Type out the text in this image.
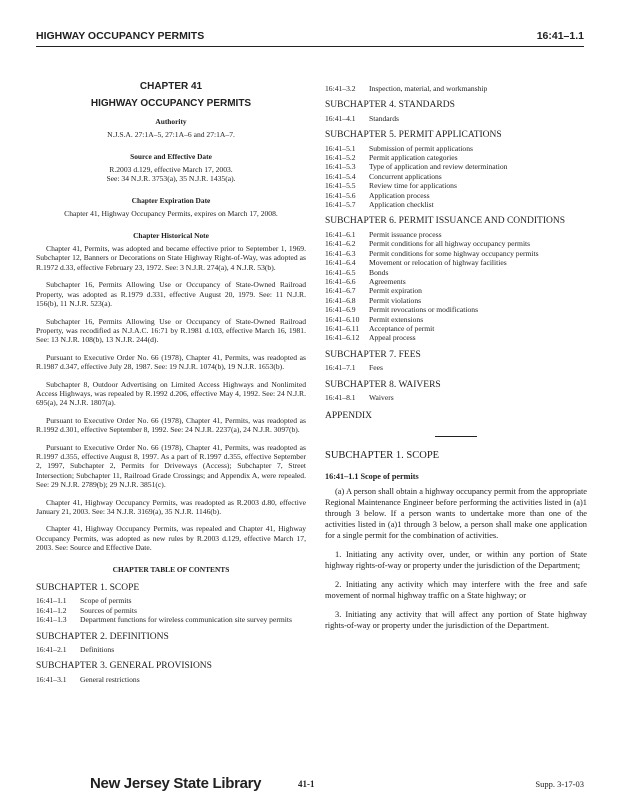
HIGHWAY OCCUPANCY PERMITS	16:41–1.1
CHAPTER 41
HIGHWAY OCCUPANCY PERMITS
Authority
N.J.S.A. 27:1A–5, 27:1A–6 and 27:1A–7.
Source and Effective Date
R.2003 d.129, effective March 17, 2003.
See: 34 N.J.R. 3753(a), 35 N.J.R. 1435(a).
Chapter Expiration Date
Chapter 41, Highway Occupancy Permits, expires on March 17, 2008.
Chapter Historical Note

Chapter 41, Permits, was adopted and became effective prior to September 1, 1969. Subchapter 12, Banners or Decorations on State Highway Right-of-Way, was adopted as R.1972 d.33, effective February 23, 1972. See: 3 N.J.R. 274(a), 4 N.J.R. 53(b).

Subchapter 16, Permits Allowing Use or Occupancy of State-Owned Railroad Property, was adopted as R.1979 d.331, effective August 20, 1979. See: 11 N.J.R. 156(b), 11 N.J.R. 523(a).

Subchapter 16, Permits Allowing Use or Occupancy of State-Owned Railroad Property, was recodified as N.J.A.C. 16:71 by R.1981 d.103, effective March 16, 1981. See: 13 N.J.R. 108(b), 13 N.J.R. 244(d).

Pursuant to Executive Order No. 66 (1978), Chapter 41, Permits, was readopted as R.1987 d.347, effective July 28, 1987. See: 19 N.J.R. 1074(b), 19 N.J.R. 1653(b).

Subchapter 8, Outdoor Advertising on Limited Access Highways and Nonlimited Access Highways, was repealed by R.1992 d.206, effective May 4, 1992. See: 24 N.J.R. 695(a), 24 N.J.R. 1807(a).

Pursuant to Executive Order No. 66 (1978), Chapter 41, Permits, was readopted as R.1992 d.301, effective September 8, 1992. See: 24 N.J.R. 2237(a), 24 N.J.R. 3097(b).

Pursuant to Executive Order No. 66 (1978), Chapter 41, Permits, was readopted as R.1997 d.355, effective August 8, 1997. As a part of R.1997 d.355, effective September 2, 1997, Subchapter 2, Permits for Driveways (Access); Subchapter 7, Street Intersection; Subchapter 11, Railroad Grade Crossings; and Appendix A, were repealed. See: 29 N.J.R. 2789(b); 29 N.J.R. 3851(c).

Chapter 41, Highway Occupancy Permits, was readopted as R.2003 d.80, effective January 21, 2003. See: 34 N.J.R. 3169(a), 35 N.J.R. 1146(b).

Chapter 41, Highway Occupancy Permits, was repealed and Chapter 41, Highway Occupancy Permits, was adopted as new rules by R.2003 d.129, effective March 17, 2003. See: Source and Effective Date.

CHAPTER TABLE OF CONTENTS
SUBCHAPTER 1. SCOPE
16:41–1.1	Scope of permits
16:41–1.2	Sources of permits
16:41–1.3	Department functions for wireless communication site survey permits
SUBCHAPTER 2. DEFINITIONS
16:41–2.1	Definitions
SUBCHAPTER 3. GENERAL PROVISIONS
16:41–3.1	General restrictions
16:41–3.2	Inspection, material, and workmanship
SUBCHAPTER 4. STANDARDS
16:41–4.1	Standards
SUBCHAPTER 5. PERMIT APPLICATIONS
16:41–5.1	Submission of permit applications
16:41–5.2	Permit application categories
16:41–5.3	Type of application and review determination
16:41–5.4	Concurrent applications
16:41–5.5	Review time for applications
16:41–5.6	Application process
16:41–5.7	Application checklist
SUBCHAPTER 6. PERMIT ISSUANCE AND CONDITIONS
16:41–6.1	Permit issuance process
16:41–6.2	Permit conditions for all highway occupancy permits
16:41–6.3	Permit conditions for some highway occupancy permits
16:41–6.4	Movement or relocation of highway facilities
16:41–6.5	Bonds
16:41–6.6	Agreements
16:41–6.7	Permit expiration
16:41–6.8	Permit violations
16:41–6.9	Permit revocations or modifications
16:41–6.10	Permit extensions
16:41–6.11	Acceptance of permit
16:41–6.12	Appeal process
SUBCHAPTER 7. FEES
16:41–7.1	Fees
SUBCHAPTER 8. WAIVERS
16:41–8.1	Waivers
APPENDIX
SUBCHAPTER 1. SCOPE
16:41–1.1 Scope of permits

(a) A person shall obtain a highway occupancy permit from the appropriate Regional Maintenance Engineer before performing the activities listed in (a)1 through 3 below. If a person wants to undertake more than one of the activities listed in (a)1 through 3 below, a person shall make one application for a single permit for the combination of activities.

1. Initiating any activity over, under, or within any portion of State highway rights-of-way or property under the jurisdiction of the Department;

2. Initiating any activity which may interfere with the free and safe movement of normal highway traffic on a State highway; or

3. Initiating any activity that will affect any portion of State highway rights-of-way or property under the jurisdiction of the Department.

New Jersey State Library	41-1	Supp. 3-17-03
